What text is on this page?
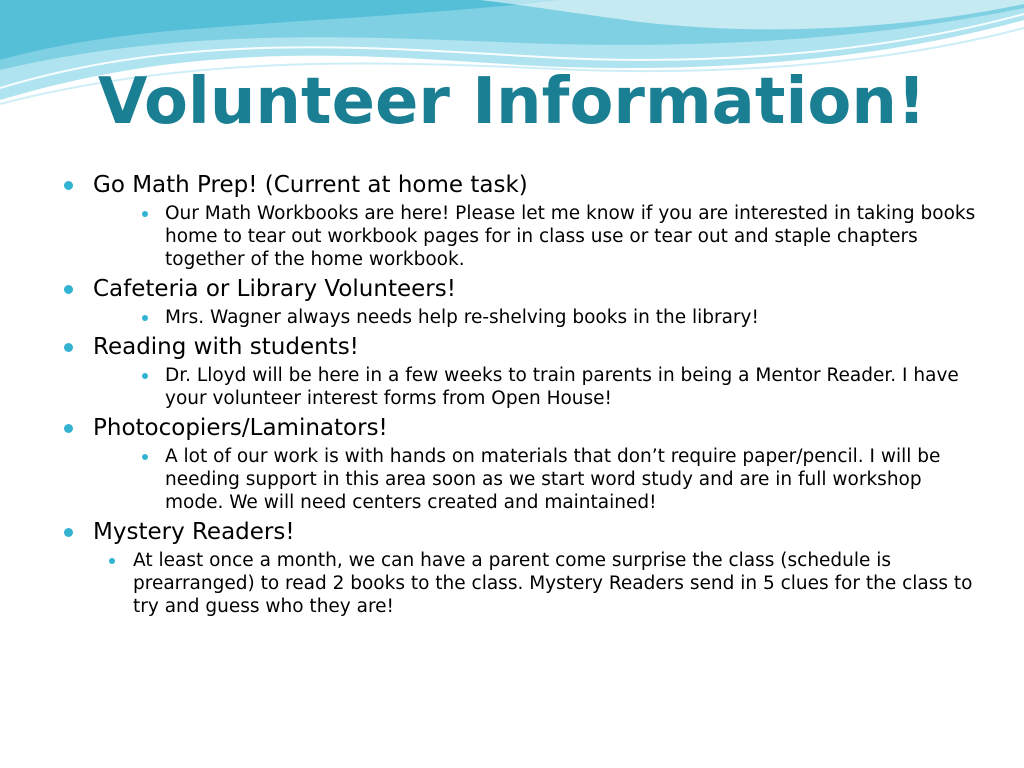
Volunteer Information!

Go Math Prep! (Current at home task)

Our Math Workbooks are here! Please let me know if you are interested in taking books home to tear out workbook pages for in class use or tear out and staple chapters together of the home workbook.

Cafeteria or Library Volunteers!

Mrs. Wagner always needs help re-shelving books in the library!

Reading with students!

Dr. Lloyd will be here in a few weeks to train parents in being a Mentor Reader. I have your volunteer interest forms from Open House!

Photocopiers/Laminators!

A lot of our work is with hands on materials that don’t require paper/pencil. I will be needing support in this area soon as we start word study and are in full workshop mode. We will need centers created and maintained!

Mystery Readers!

At least once a month, we can have a parent come surprise the class (schedule is prearranged) to read 2 books to the class. Mystery Readers send in 5 clues for the class to try and guess who they are!
